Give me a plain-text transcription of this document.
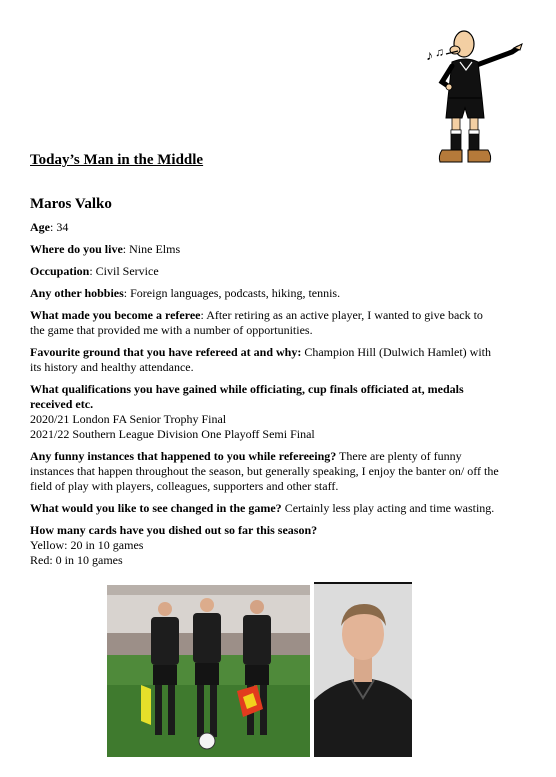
♪ ♫
Today’s Man in the Middle
Maros Valko
Age: 34
Where do you live: Nine Elms
Occupation: Civil Service
Any other hobbies: Foreign languages, podcasts, hiking, tennis.
What made you become a referee: After retiring as an active player, I wanted to give back to the game that provided me with a number of opportunities.
Favourite ground that you have refereed at and why: Champion Hill (Dulwich Hamlet) with its history and healthy attendance.
What qualifications you have gained while officiating, cup finals officiated at, medals received etc.
2020/21 London FA Senior Trophy Final
2021/22 Southern League Division One Playoff Semi Final
Any funny instances that happened to you while refereeing? There are plenty of funny instances that happen throughout the season, but generally speaking, I enjoy the banter on/ off the field of play with players, colleagues, supporters and other staff.
What would you like to see changed in the game? Certainly less play acting and time wasting.
How many cards have you dished out so far this season?
Yellow: 20 in 10 games
Red: 0 in 10 games
